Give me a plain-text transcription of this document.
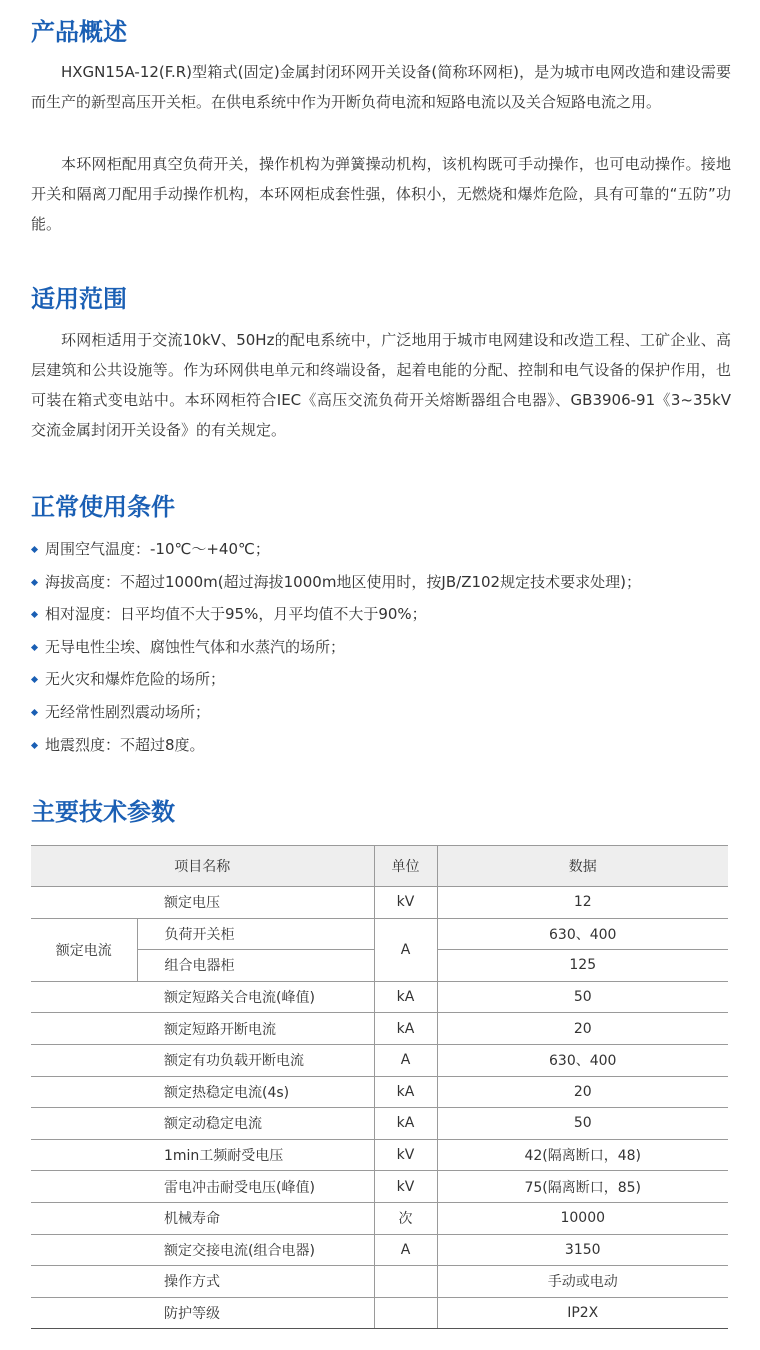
产品概述

HXGN15A-12(F.R)型箱式(固定)金属封闭环网开关设备(简称环网柜)，是为城市电网改造和建设需要而生产的新型高压开关柜。在供电系统中作为开断负荷电流和短路电流以及关合短路电流之用。

本环网柜配用真空负荷开关，操作机构为弹簧操动机构，该机构既可手动操作，也可电动操作。接地开关和隔离刀配用手动操作机构，本环网柜成套性强，体积小，无燃烧和爆炸危险，具有可靠的“五防”功能。

适用范围

环网柜适用于交流10kV、50Hz的配电系统中，广泛地用于城市电网建设和改造工程、工矿企业、高层建筑和公共设施等。作为环网供电单元和终端设备，起着电能的分配、控制和电气设备的保护作用，也可装在箱式变电站中。本环网柜符合IEC《高压交流负荷开关熔断器组合电器》、GB3906-91《3~35kV交流金属封闭开关设备》的有关规定。

正常使用条件
周围空气温度：-10℃～+40℃；
海拔高度：不超过1000m(超过海拔1000m地区使用时，按JB/Z102规定技术要求处理)；
相对湿度：日平均值不大于95%，月平均值不大于90%；
无导电性尘埃、腐蚀性气体和水蒸汽的场所；
无火灾和爆炸危险的场所；
无经常性剧烈震动场所；
地震烈度：不超过8度。
主要技术参数
项目名称		单位	数据
额定电压		kV	12
额定电流	负荷开关柜	A	630、400
	组合电器柜		125
额定短路关合电流(峰值)		kA	50
额定短路开断电流		kA	20
额定有功负载开断电流		A	630、400
额定热稳定电流(4s)		kA	20
额定动稳定电流		kA	50
1min工频耐受电压		kV	42(隔离断口，48)
雷电冲击耐受电压(峰值)		kV	75(隔离断口，85)
机械寿命		次	10000
额定交接电流(组合电器)		A	3150
操作方式			手动或电动
防护等级			IP2X
